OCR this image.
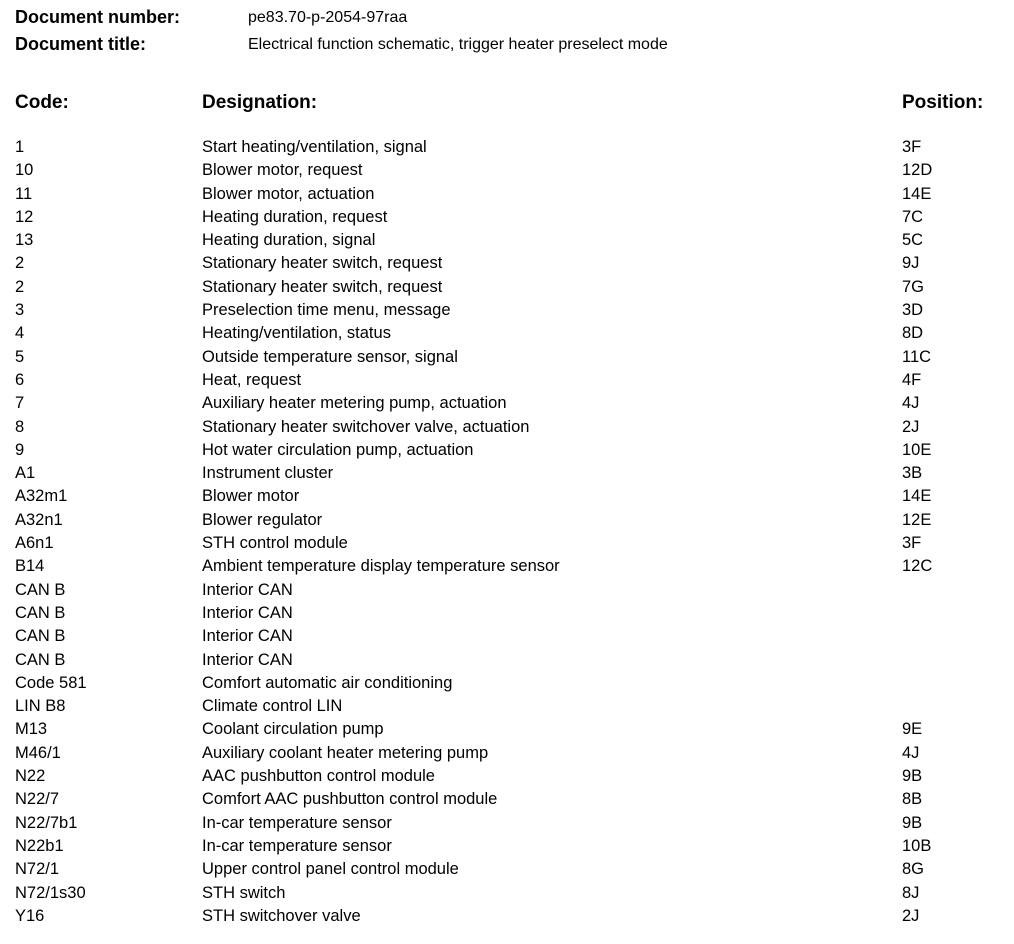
Document number:	pe83.70-p-2054-97raa
Document title:	Electrical function schematic, trigger heater preselect mode
Code:	Designation:	Position:
1	Start heating/ventilation, signal	3F
10	Blower motor, request	12D
11	Blower motor, actuation	14E
12	Heating duration, request	7C
13	Heating duration, signal	5C
2	Stationary heater switch, request	9J
2	Stationary heater switch, request	7G
3	Preselection time menu, message	3D
4	Heating/ventilation, status	8D
5	Outside temperature sensor, signal	11C
6	Heat, request	4F
7	Auxiliary heater metering pump, actuation	4J
8	Stationary heater switchover valve, actuation	2J
9	Hot water circulation pump, actuation	10E
A1	Instrument cluster	3B
A32m1	Blower motor	14E
A32n1	Blower regulator	12E
A6n1	STH control module	3F
B14	Ambient temperature display temperature sensor	12C
CAN B	Interior CAN
CAN B	Interior CAN
CAN B	Interior CAN
CAN B	Interior CAN
Code 581	Comfort automatic air conditioning
LIN B8	Climate control LIN
M13	Coolant circulation pump	9E
M46/1	Auxiliary coolant heater metering pump	4J
N22	AAC pushbutton control module	9B
N22/7	Comfort AAC pushbutton control module	8B
N22/7b1	In-car temperature sensor	9B
N22b1	In-car temperature sensor	10B
N72/1	Upper control panel control module	8G
N72/1s30	STH switch	8J
Y16	STH switchover valve	2J
